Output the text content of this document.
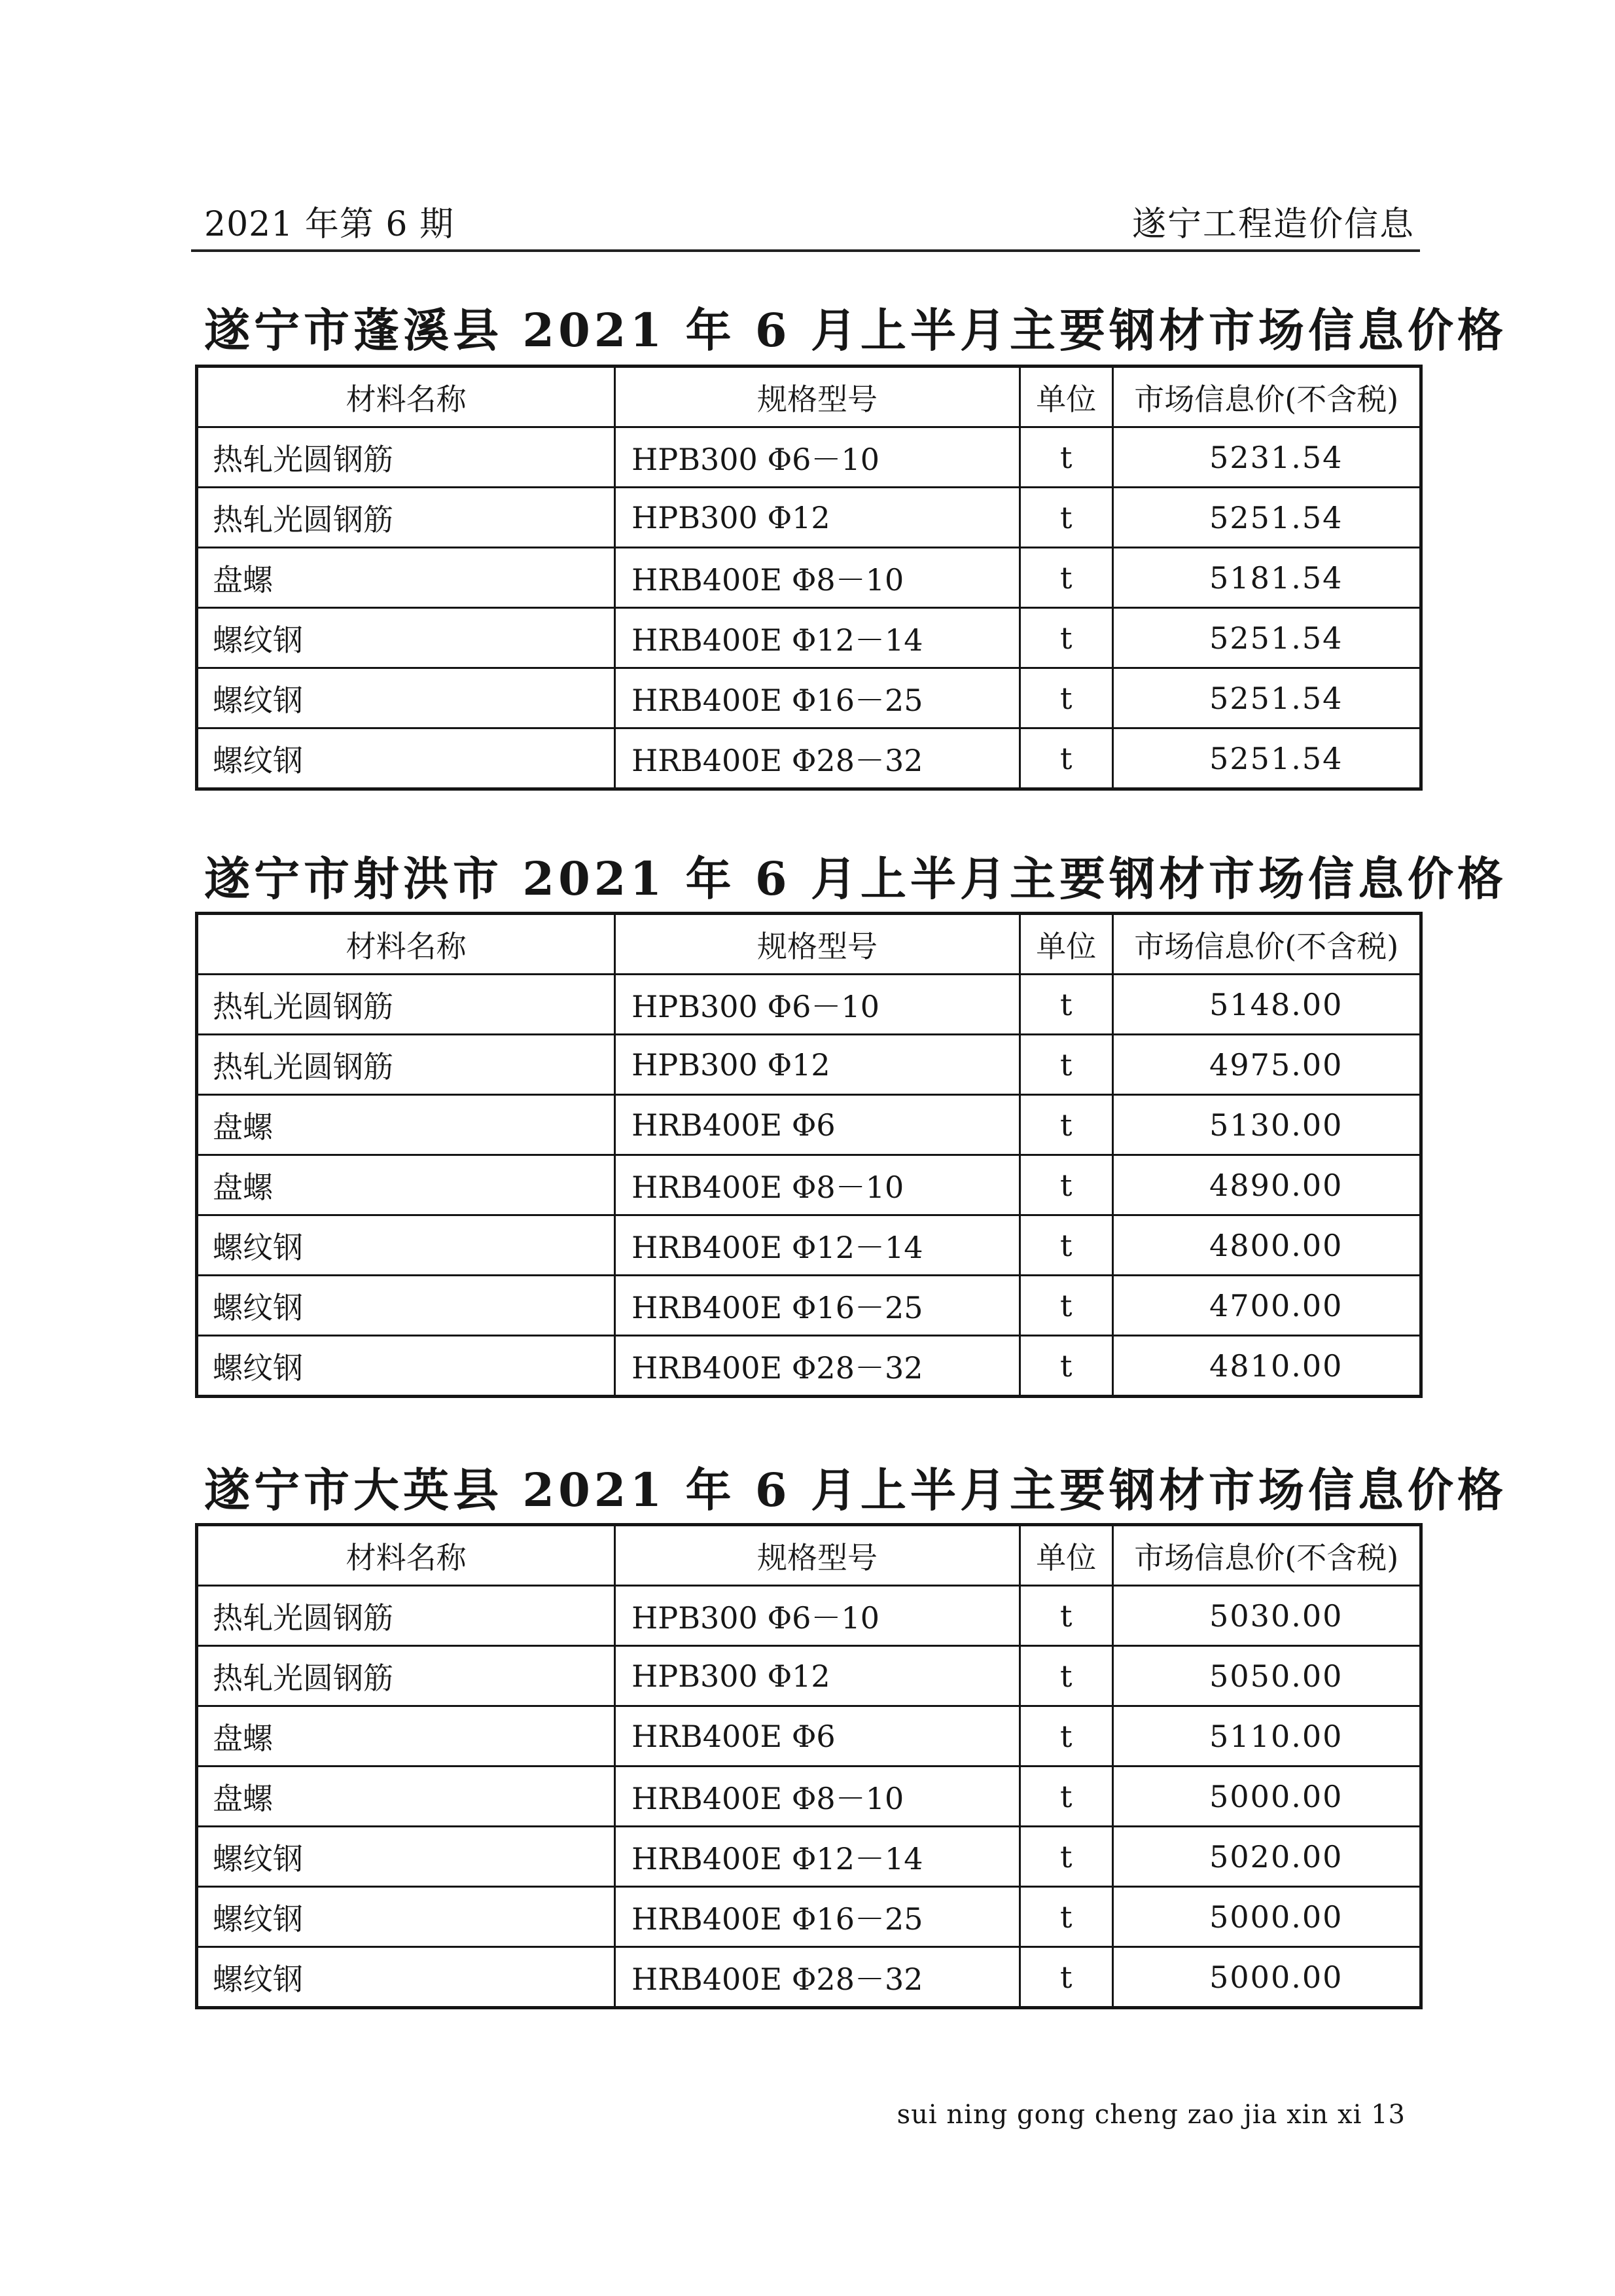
2021 年第 6 期	遂宁工程造价信息
遂宁市蓬溪县 2021 年 6 月上半月主要钢材市场信息价格
材料名称	规格型号	单位	市场信息价(不含税)
热轧光圆钢筋	HPB300 Φ6－10	t	5231.54
热轧光圆钢筋	HPB300 Φ12	t	5251.54
盘螺	HRB400E Φ8－10	t	5181.54
螺纹钢	HRB400E Φ12－14	t	5251.54
螺纹钢	HRB400E Φ16－25	t	5251.54
螺纹钢	HRB400E Φ28－32	t	5251.54
遂宁市射洪市 2021 年 6 月上半月主要钢材市场信息价格
材料名称	规格型号	单位	市场信息价(不含税)
热轧光圆钢筋	HPB300 Φ6－10	t	5148.00
热轧光圆钢筋	HPB300 Φ12	t	4975.00
盘螺	HRB400E Φ6	t	5130.00
盘螺	HRB400E Φ8－10	t	4890.00
螺纹钢	HRB400E Φ12－14	t	4800.00
螺纹钢	HRB400E Φ16－25	t	4700.00
螺纹钢	HRB400E Φ28－32	t	4810.00
遂宁市大英县 2021 年 6 月上半月主要钢材市场信息价格
材料名称	规格型号	单位	市场信息价(不含税)
热轧光圆钢筋	HPB300 Φ6－10	t	5030.00
热轧光圆钢筋	HPB300 Φ12	t	5050.00
盘螺	HRB400E Φ6	t	5110.00
盘螺	HRB400E Φ8－10	t	5000.00
螺纹钢	HRB400E Φ12－14	t	5020.00
螺纹钢	HRB400E Φ16－25	t	5000.00
螺纹钢	HRB400E Φ28－32	t	5000.00
sui ning gong cheng zao jia xin xi 13
